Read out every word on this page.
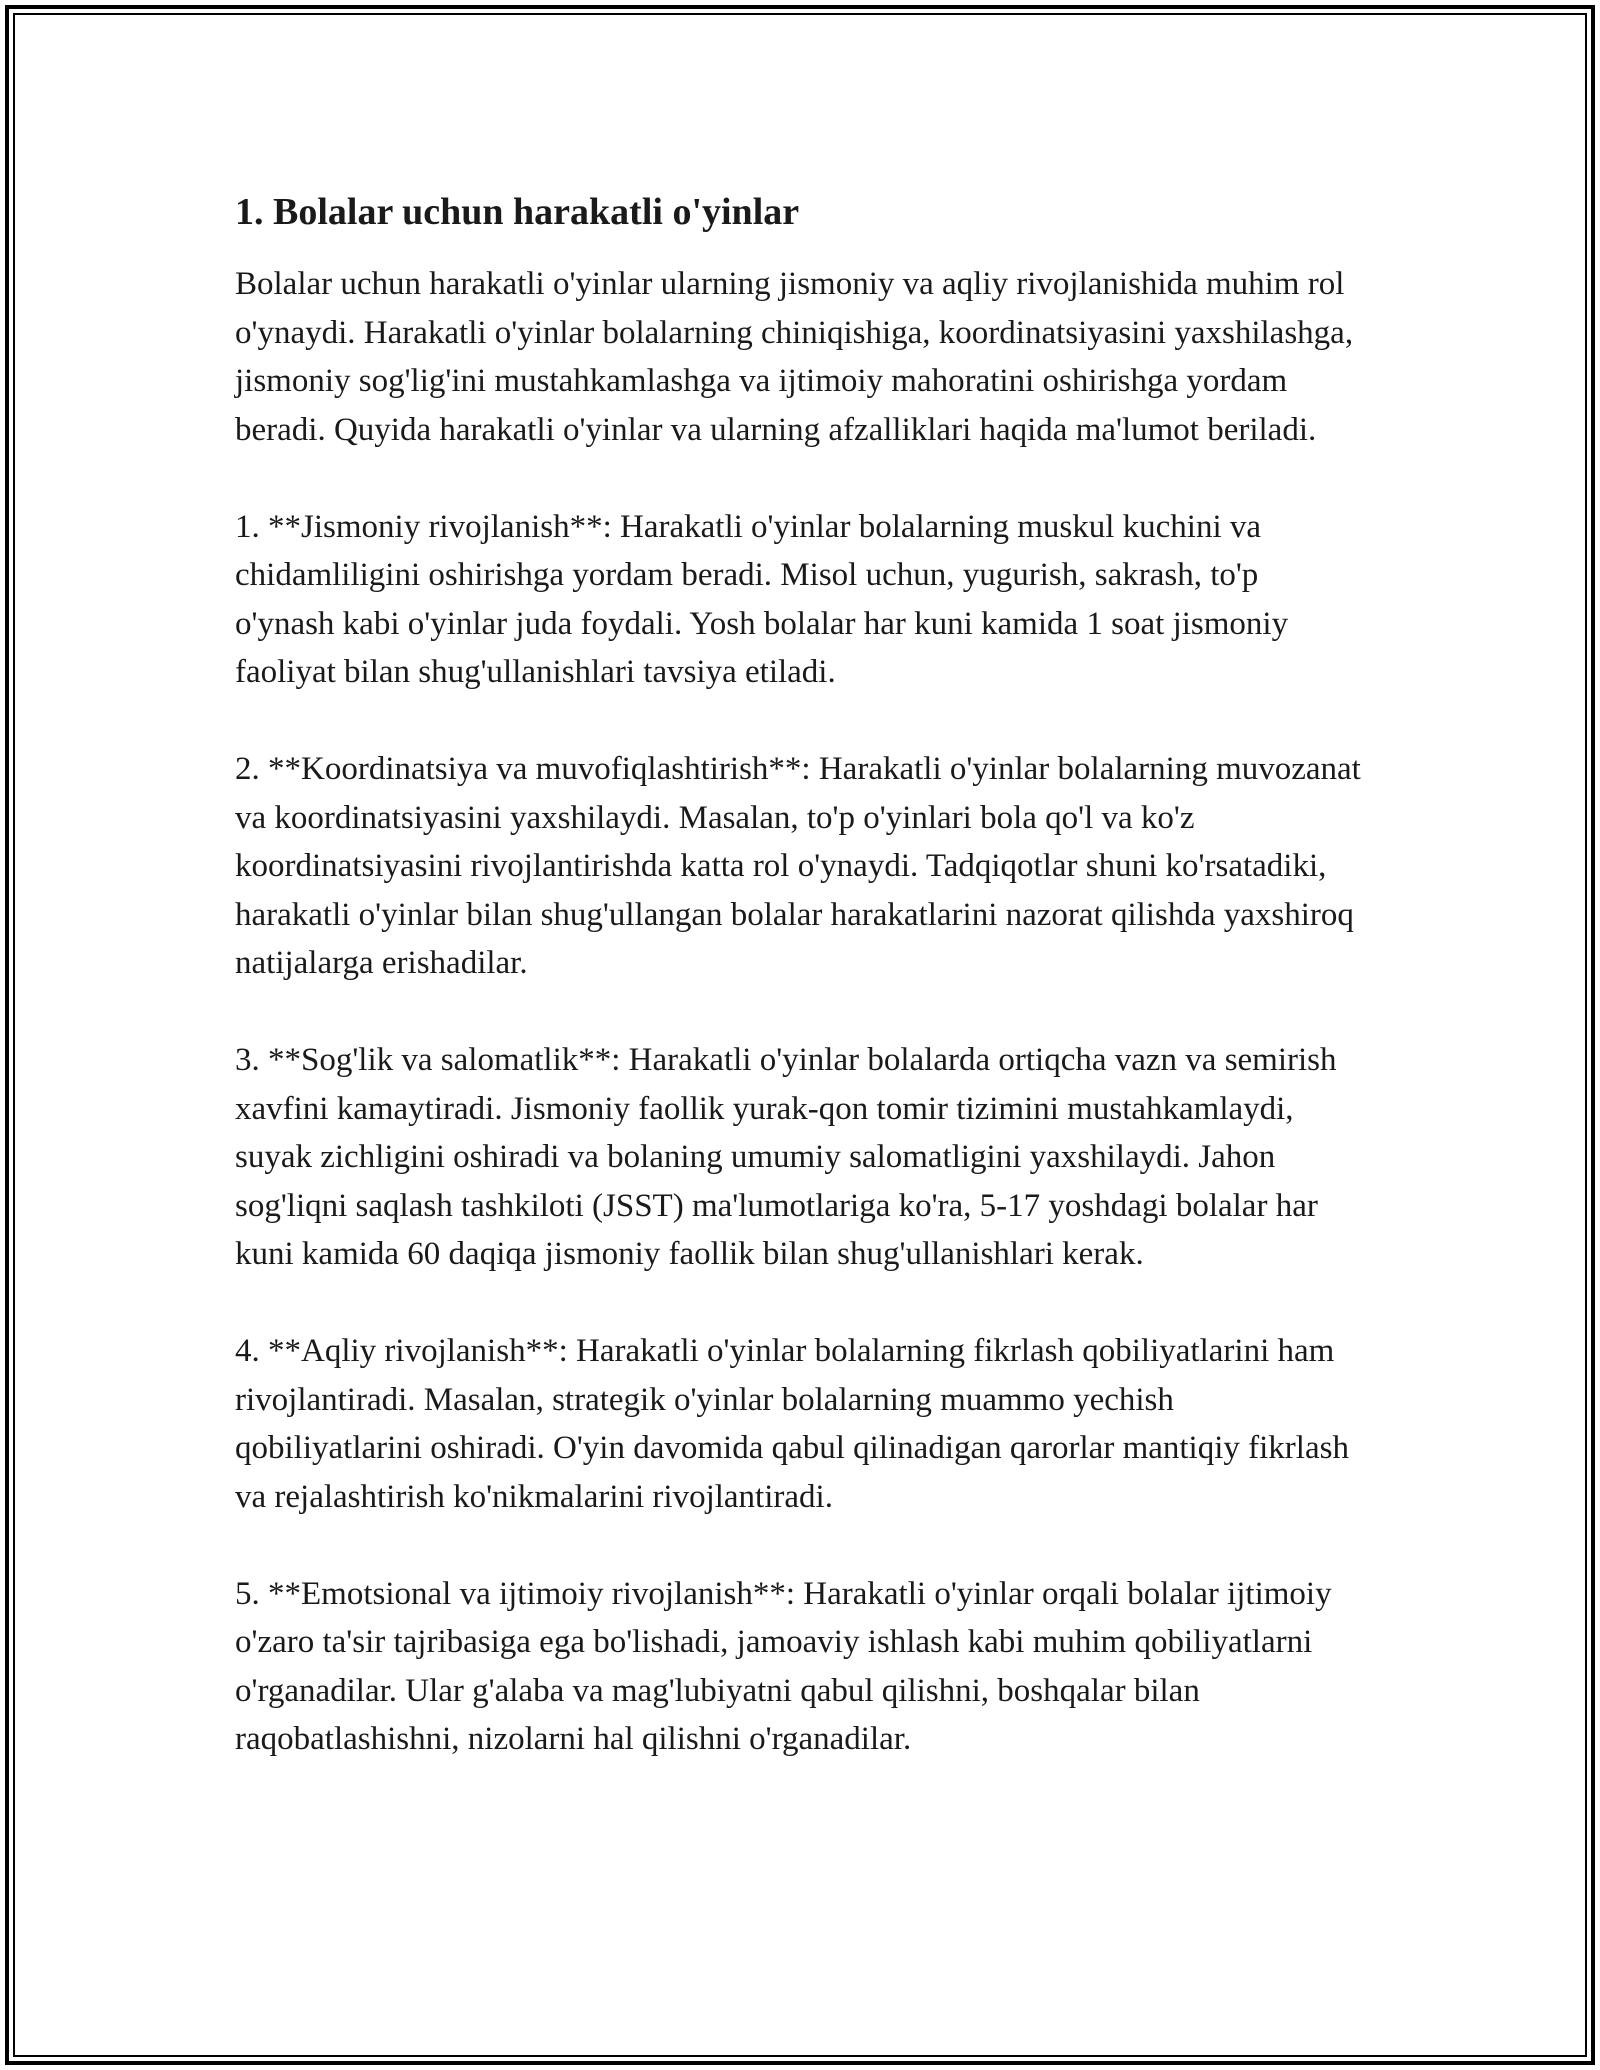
1. Bolalar uchun harakatli o'yinlar

Bolalar uchun harakatli o'yinlar ularning jismoniy va aqliy rivojlanishida muhim rol o'ynaydi. Harakatli o'yinlar bolalarning chiniqishiga, koordinatsiyasini yaxshilashga, jismoniy sog'lig'ini mustahkamlashga va ijtimoiy mahoratini oshirishga yordam beradi. Quyida harakatli o'yinlar va ularning afzalliklari haqida ma'lumot beriladi.

1. **Jismoniy rivojlanish**: Harakatli o'yinlar bolalarning muskul kuchini va chidamliligini oshirishga yordam beradi. Misol uchun, yugurish, sakrash, to'p o'ynash kabi o'yinlar juda foydali. Yosh bolalar har kuni kamida 1 soat jismoniy faoliyat bilan shug'ullanishlari tavsiya etiladi.

2. **Koordinatsiya va muvofiqlashtirish**: Harakatli o'yinlar bolalarning muvozanat va koordinatsiyasini yaxshilaydi. Masalan, to'p o'yinlari bola qo'l va ko'z koordinatsiyasini rivojlantirishda katta rol o'ynaydi. Tadqiqotlar shuni ko'rsatadiki, harakatli o'yinlar bilan shug'ullangan bolalar harakatlarini nazorat qilishda yaxshiroq natijalarga erishadilar.

3. **Sog'lik va salomatlik**: Harakatli o'yinlar bolalarda ortiqcha vazn va semirish xavfini kamaytiradi. Jismoniy faollik yurak-qon tomir tizimini mustahkamlaydi, suyak zichligini oshiradi va bolaning umumiy salomatligini yaxshilaydi. Jahon sog'liqni saqlash tashkiloti (JSST) ma'lumotlariga ko'ra, 5-17 yoshdagi bolalar har kuni kamida 60 daqiqa jismoniy faollik bilan shug'ullanishlari kerak.

4. **Aqliy rivojlanish**: Harakatli o'yinlar bolalarning fikrlash qobiliyatlarini ham rivojlantiradi. Masalan, strategik o'yinlar bolalarning muammo yechish qobiliyatlarini oshiradi. O'yin davomida qabul qilinadigan qarorlar mantiqiy fikrlash va rejalashtirish ko'nikmalarini rivojlantiradi.

5. **Emotsional va ijtimoiy rivojlanish**: Harakatli o'yinlar orqali bolalar ijtimoiy o'zaro ta'sir tajribasiga ega bo'lishadi, jamoaviy ishlash kabi muhim qobiliyatlarni o'rganadilar. Ular g'alaba va mag'lubiyatni qabul qilishni, boshqalar bilan raqobatlashishni, nizolarni hal qilishni o'rganadilar.
